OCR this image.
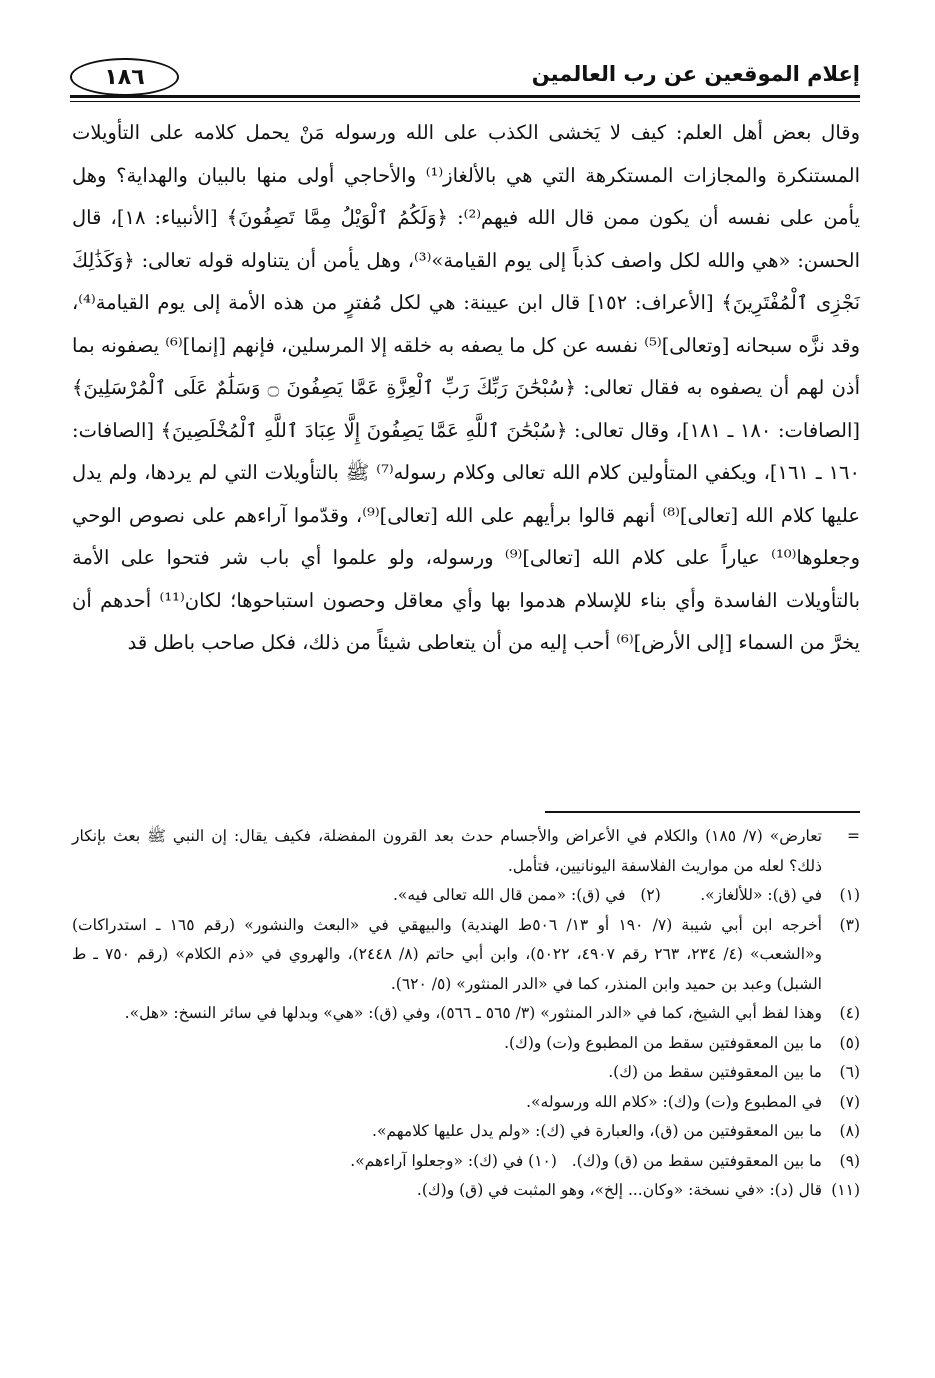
١٨٦	إعلام الموقعين عن رب العالمين

وقال بعض أهل العلم: كيف لا يَخشى الكذب على الله ورسوله مَنْ يحمل كلامه على التأويلات المستنكرة والمجازات المستكرهة التي هي بالألغاز⁽¹⁾ والأحاجي أولى منها بالبيان والهداية؟ وهل يأمن على نفسه أن يكون ممن قال الله فيهم⁽²⁾: ﴿وَلَكُمُ ٱلْوَيْلُ مِمَّا تَصِفُونَ﴾ [الأنبياء: ١٨]، قال الحسن: «هي والله لكل واصف كذباً إلى يوم القيامة»⁽³⁾، وهل يأمن أن يتناوله قوله تعالى: ﴿وَكَذَٰلِكَ نَجْزِى ٱلْمُفْتَرِينَ﴾ [الأعراف: ١٥٢] قال ابن عيينة: هي لكل مُفترٍ من هذه الأمة إلى يوم القيامة⁽⁴⁾، وقد نزَّه سبحانه [وتعالى]⁽⁵⁾ نفسه عن كل ما يصفه به خلقه إلا المرسلين، فإنهم [إنما]⁽⁶⁾ يصفونه بما أذن لهم أن يصفوه به فقال تعالى: ﴿سُبْحَٰنَ رَبِّكَ رَبِّ ٱلْعِزَّةِ عَمَّا يَصِفُونَ ۝ وَسَلَٰمٌ عَلَى ٱلْمُرْسَلِينَ﴾ [الصافات: ١٨٠ ـ ١٨١]، وقال تعالى: ﴿سُبْحَٰنَ ٱللَّهِ عَمَّا يَصِفُونَ إِلَّا عِبَادَ ٱللَّهِ ٱلْمُخْلَصِينَ﴾ [الصافات: ١٦٠ ـ ١٦١]، ويكفي المتأولين كلام الله تعالى وكلام رسوله⁽⁷⁾ ﷺ بالتأويلات التي لم يردها، ولم يدل عليها كلام الله [تعالى]⁽⁸⁾ أنهم قالوا برأيهم على الله [تعالى]⁽⁹⁾، وقدّموا آراءهم على نصوص الوحي وجعلوها⁽¹⁰⁾ عياراً على كلام الله [تعالى]⁽⁹⁾ ورسوله، ولو علموا أي باب شر فتحوا على الأمة بالتأويلات الفاسدة وأي بناء للإسلام هدموا بها وأي معاقل وحصون استباحوها؛ لكان⁽¹¹⁾ أحدهم أن يخرَّ من السماء [إلى الأرض]⁽⁶⁾ أحب إليه من أن يتعاطى شيئاً من ذلك، فكل صاحب باطل قد

=
تعارض» (٧/ ١٨٥) والكلام في الأعراض والأجسام حدث بعد القرون المفضلة، فكيف يقال: إن النبي ﷺ بعث بإنكار ذلك؟ لعله من مواريث الفلاسفة اليونانيين، فتأمل.
(١)
في (ق): «للألغاز».        (٢)   في (ق): «ممن قال الله تعالى فيه».
(٣)
أخرجه ابن أبي شيبة (٧/ ١٩٠ أو ١٣/ ٥٠٦ط الهندية) والبيهقي في «البعث والنشور» (رقم ١٦٥ ـ استدراكات) و«الشعب» (٤/ ٢٣٤، ٢٦٣ رقم ٤٩٠٧، ٥٠٢٢)، وابن أبي حاتم (٨/ ٢٤٤٨)، والهروي في «ذم الكلام» (رقم ٧٥٠ ـ ط الشبل) وعبد بن حميد وابن المنذر، كما في «الدر المنثور» (٥/ ٦٢٠).
(٤)
وهذا لفظ أبي الشيخ، كما في «الدر المنثور» (٣/ ٥٦٥ ـ ٥٦٦)، وفي (ق): «هي» وبدلها في سائر النسخ: «هل».
(٥)
ما بين المعقوفتين سقط من المطبوع و(ت) و(ك).
(٦)
ما بين المعقوفتين سقط من (ك).
(٧)
في المطبوع و(ت) و(ك): «كلام الله ورسوله».
(٨)
ما بين المعقوفتين من (ق)، والعبارة في (ك): «ولم يدل عليها كلامهم».
(٩)
ما بين المعقوفتين سقط من (ق) و(ك).   (١٠) في (ك): «وجعلوا آراءهم».
(١١)
قال (د): «في نسخة: «وكان... إلخ»، وهو المثبت في (ق) و(ك).
